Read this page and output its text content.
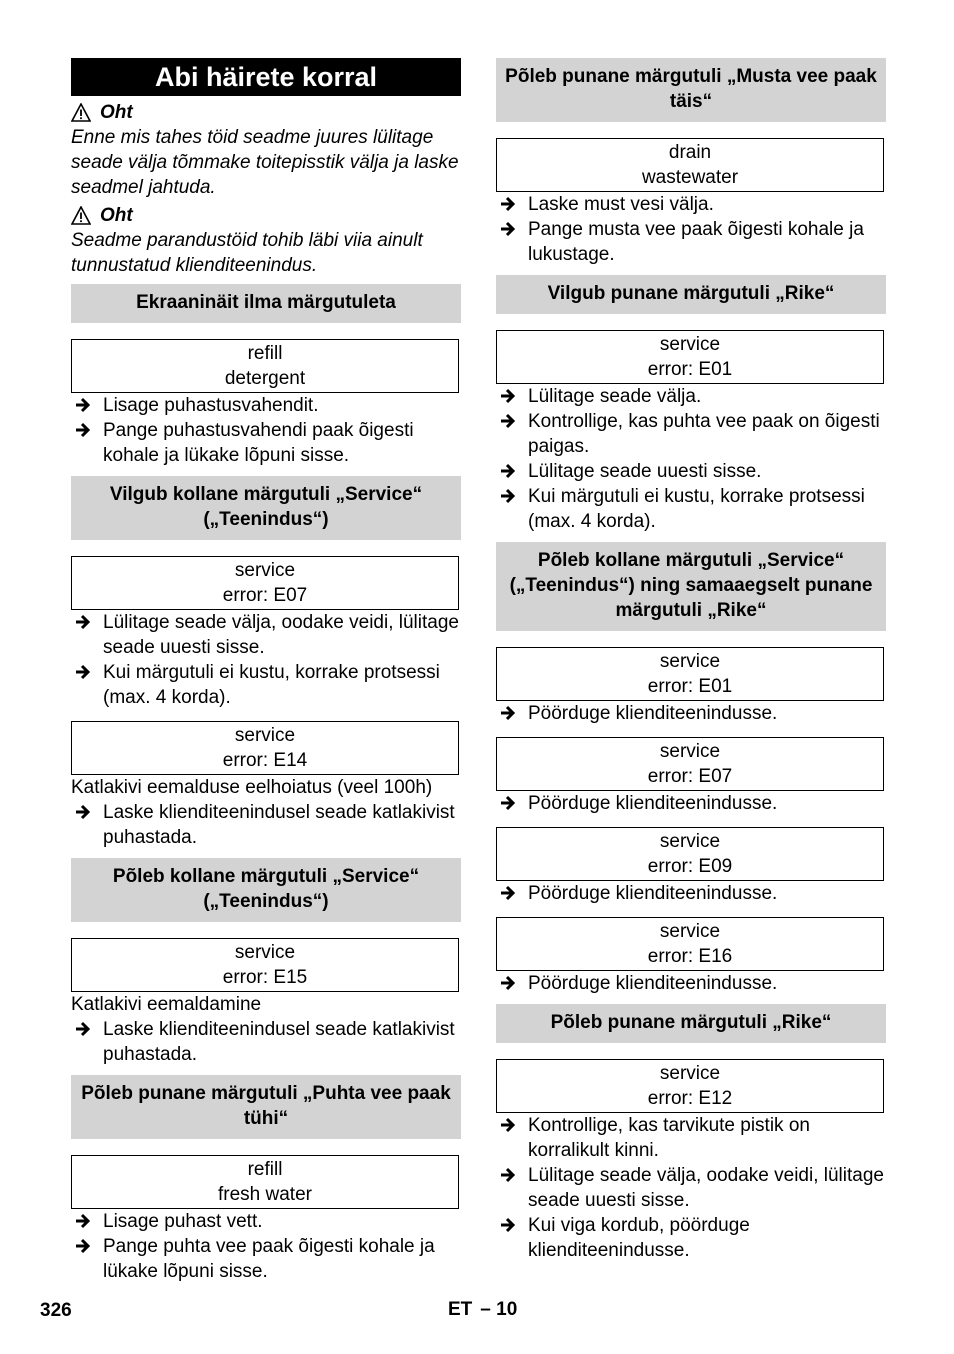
Abi häirete korral
Oht
Enne mis tahes töid seadme juures lülitage seade välja tõmmake toitepisstik välja ja laske seadmel jahtuda.
Oht
Seadme parandustöid tohib läbi viia ainult tunnustatud klienditeenindus.
Ekraaninäit ilma märgutuleta
refill
detergent
Lisage puhastusvahendit.
Pange puhastusvahendi paak õigesti kohale ja lükake lõpuni sisse.
Vilgub kollane märgutuli „Service“ („Teenindus“)
service
error: E07
Lülitage seade välja, oodake veidi, lülitage seade uuesti sisse.
Kui märgutuli ei kustu, korrake protsessi (max. 4 korda).
service
error: E14

Katlakivi eemalduse eelhoiatus (veel 100h)

Laske klienditeenindusel seade katlakivist puhastada.
Põleb kollane märgutuli „Service“ („Teenindus“)
service
error: E15

Katlakivi eemaldamine

Laske klienditeenindusel seade katlakivist puhastada.
Põleb punane märgutuli „Puhta vee paak tühi“
refill
fresh water
Lisage puhast vett.
Pange puhta vee paak õigesti kohale ja lükake lõpuni sisse.
Põleb punane märgutuli „Musta vee paak täis“
drain
wastewater
Laske must vesi välja.
Pange musta vee paak õigesti kohale ja lukustage.
Vilgub punane märgutuli „Rike“
service
error: E01
Lülitage seade välja.
Kontrollige, kas puhta vee paak on õigesti paigas.
Lülitage seade uuesti sisse.
Kui märgutuli ei kustu, korrake protsessi (max. 4 korda).
Põleb kollane märgutuli „Service“ („Teenindus“) ning samaaegselt punane märgutuli „Rike“
service
error: E01
Pöörduge klienditeenindusse.
service
error: E07
Pöörduge klienditeenindusse.
service
error: E09
Pöörduge klienditeenindusse.
service
error: E16
Pöörduge klienditeenindusse.
Põleb punane märgutuli „Rike“
service
error: E12
Kontrollige, kas tarvikute pistik on korralikult kinni.
Lülitage seade välja, oodake veidi, lülitage seade uuesti sisse.
Kui viga kordub, pöörduge klienditeenindusse.
326	ET – 10
